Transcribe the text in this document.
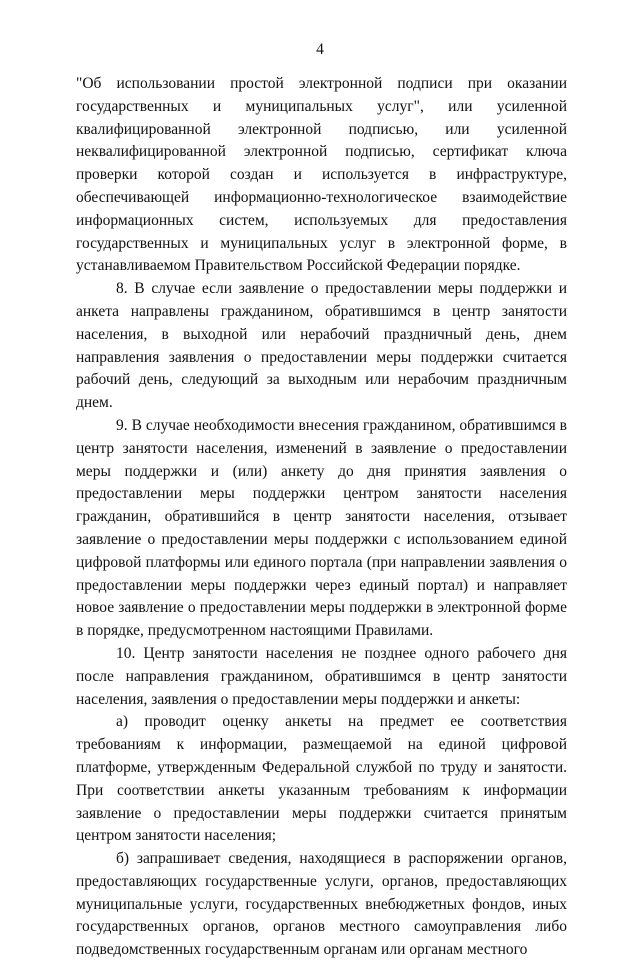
4

"Об использовании простой электронной подписи при оказании государственных и муниципальных услуг", или усиленной квалифицированной электронной подписью, или усиленной неквалифицированной электронной подписью, сертификат ключа проверки которой создан и используется в инфраструктуре, обеспечивающей информационно-технологическое взаимодействие информационных систем, используемых для предоставления государственных и муниципальных услуг в электронной форме, в устанавливаемом Правительством Российской Федерации порядке.

8. В случае если заявление о предоставлении меры поддержки и анкета направлены гражданином, обратившимся в центр занятости населения, в выходной или нерабочий праздничный день, днем направления заявления о предоставлении меры поддержки считается рабочий день, следующий за выходным или нерабочим праздничным днем.

9. В случае необходимости внесения гражданином, обратившимся в центр занятости населения, изменений в заявление о предоставлении меры поддержки и (или) анкету до дня принятия заявления о предоставлении меры поддержки центром занятости населения гражданин, обратившийся в центр занятости населения, отзывает заявление о предоставлении меры поддержки с использованием единой цифровой платформы или единого портала (при направлении заявления о предоставлении меры поддержки через единый портал) и направляет новое заявление о предоставлении меры поддержки в электронной форме в порядке, предусмотренном настоящими Правилами.

10. Центр занятости населения не позднее одного рабочего дня после направления гражданином, обратившимся в центр занятости населения, заявления о предоставлении меры поддержки и анкеты:

а) проводит оценку анкеты на предмет ее соответствия требованиям к информации, размещаемой на единой цифровой платформе, утвержденным Федеральной службой по труду и занятости. При соответствии анкеты указанным требованиям к информации заявление о предоставлении меры поддержки считается принятым центром занятости населения;

б) запрашивает сведения, находящиеся в распоряжении органов, предоставляющих государственные услуги, органов, предоставляющих муниципальные услуги, государственных внебюджетных фондов, иных государственных органов, органов местного самоуправления либо подведомственных государственным органам или органам местного
